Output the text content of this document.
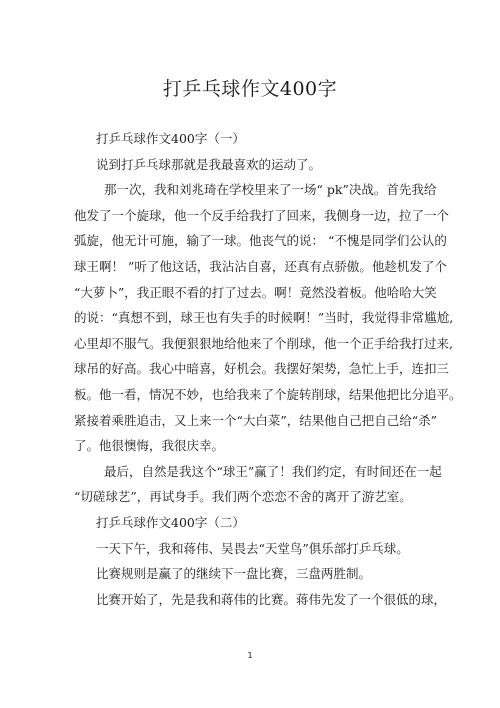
打乒乓球作文400字
打乒乓球作文400字（一）
说到打乒乓球那就是我最喜欢的运动了。
那一次，我和刘兆琦在学校里来了一场“ pk”决战。首先我给
他发了一个旋球，他一个反手给我打了回来，我侧身一边，拉了一个
弧旋，他无计可施，输了一球。他丧气的说： “不愧是同学们公认的
球王啊！ ”听了他这话，我沾沾自喜，还真有点骄傲。他趁机发了个
“大萝卜”，我正眼不看的打了过去。啊！竟然没着板。他哈哈大笑
的说：“真想不到，球王也有失手的时候啊！”当时，我觉得非常尴尬,
心里却不服气。我便狠狠地给他来了个削球，他一个正手给我打过来,
球吊的好高。我心中暗喜，好机会。我摆好架势，急忙上手，连扣三
板。他一看，情况不妙，也给我来了个旋转削球，结果他把比分追平。
紧接着乘胜追击，又上来一个“大白菜”，结果他自己把自己给“杀”
了。他很懊悔，我很庆幸。
最后，自然是我这个“球王”赢了！我们约定，有时间还在一起
“切磋球艺”，再试身手。我们两个恋恋不舍的离开了游艺室。
打乒乓球作文400字（二）
一天下午，我和蒋伟、吴畏去“天堂鸟”俱乐部打乒乓球。
比赛规则是赢了的继续下一盘比赛，三盘两胜制。
比赛开始了，先是我和蒋伟的比赛。蒋伟先发了一个很低的球，
1
